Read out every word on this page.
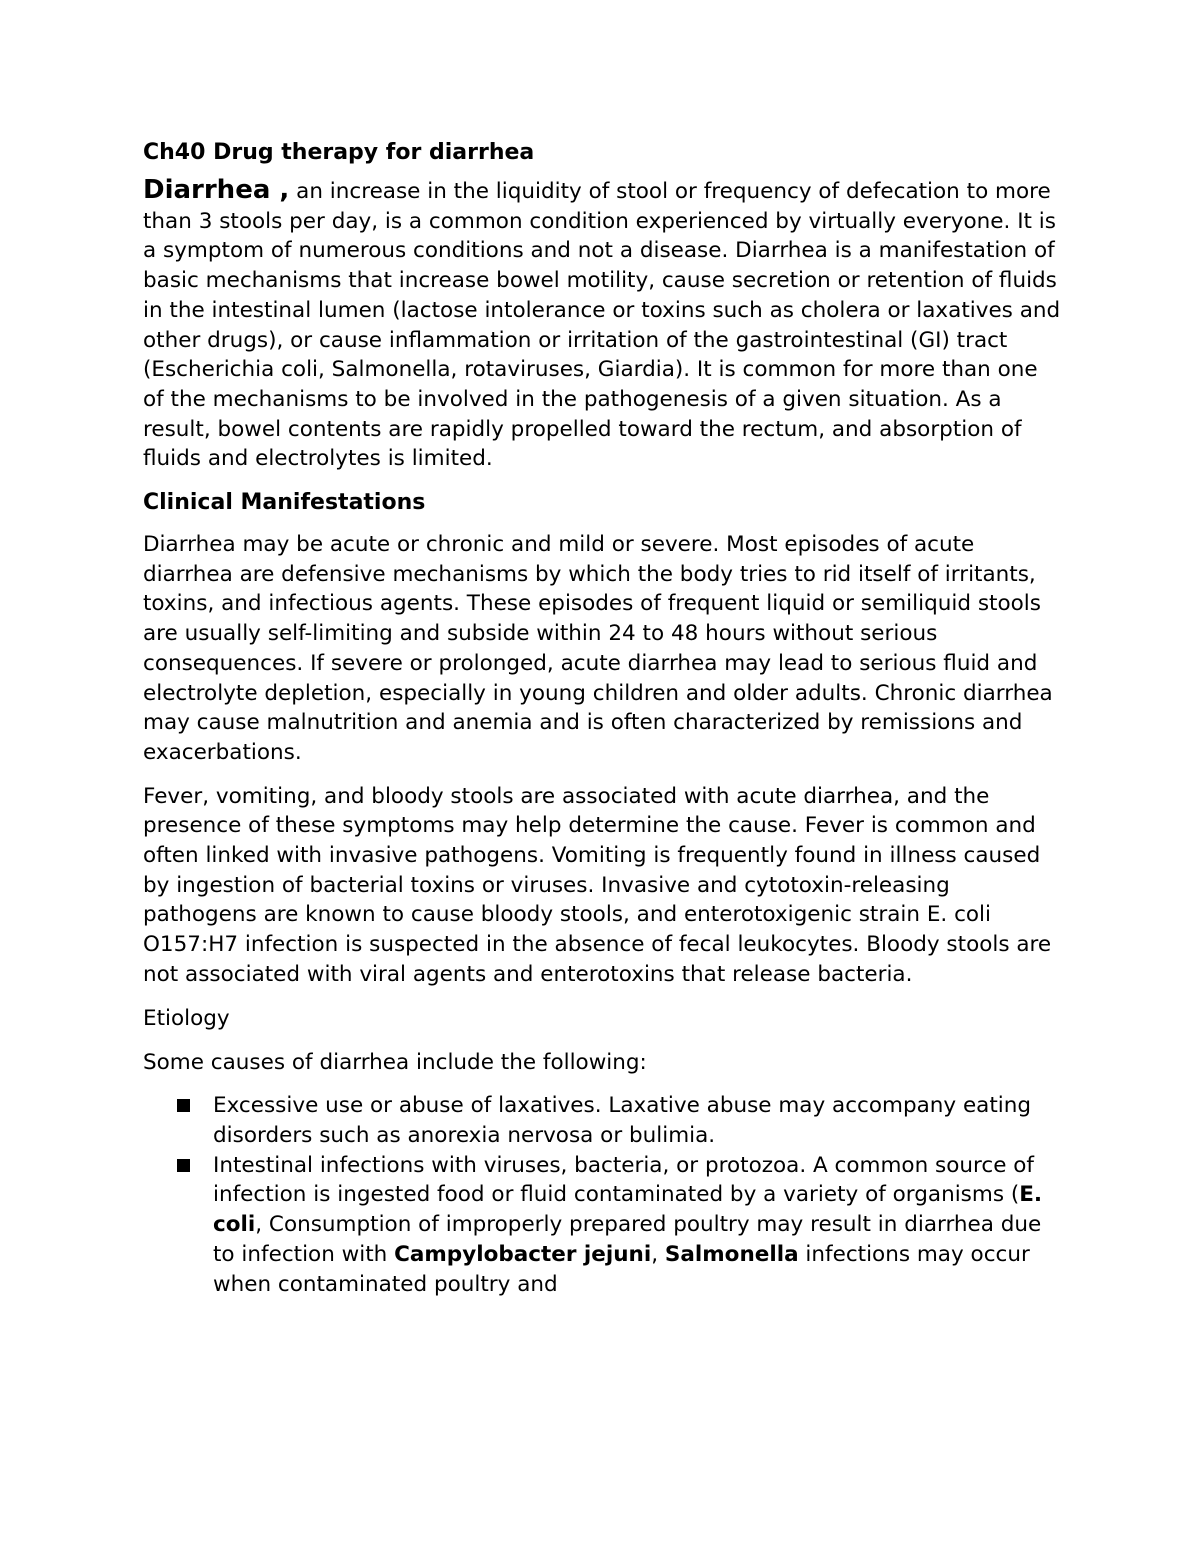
Ch40 Drug therapy for diarrhea

Diarrhea , an increase in the liquidity of stool or frequency of defecation to more than 3 stools per day, is a common condition experienced by virtually everyone. It is a symptom of numerous conditions and not a disease. Diarrhea is a manifestation of basic mechanisms that increase bowel motility, cause secretion or retention of fluids in the intestinal lumen (lactose intolerance or toxins such as cholera or laxatives and other drugs), or cause inflammation or irritation of the gastrointestinal (GI) tract (Escherichia coli, Salmonella, rotaviruses, Giardia). It is common for more than one of the mechanisms to be involved in the pathogenesis of a given situation. As a result, bowel contents are rapidly propelled toward the rectum, and absorption of fluids and electrolytes is limited.

Clinical Manifestations

Diarrhea may be acute or chronic and mild or severe. Most episodes of acute diarrhea are defensive mechanisms by which the body tries to rid itself of irritants, toxins, and infectious agents. These episodes of frequent liquid or semiliquid stools are usually self-limiting and subside within 24 to 48 hours without serious consequences. If severe or prolonged, acute diarrhea may lead to serious fluid and electrolyte depletion, especially in young children and older adults. Chronic diarrhea may cause malnutrition and anemia and is often characterized by remissions and exacerbations.

Fever, vomiting, and bloody stools are associated with acute diarrhea, and the presence of these symptoms may help determine the cause. Fever is common and often linked with invasive pathogens. Vomiting is frequently found in illness caused by ingestion of bacterial toxins or viruses. Invasive and cytotoxin-releasing pathogens are known to cause bloody stools, and enterotoxigenic strain E. coli O157:H7 infection is suspected in the absence of fecal leukocytes. Bloody stools are not associated with viral agents and enterotoxins that release bacteria.

Etiology

Some causes of diarrhea include the following:

Excessive use or abuse of laxatives. Laxative abuse may accompany eating disorders such as anorexia nervosa or bulimia.
Intestinal infections with viruses, bacteria, or protozoa. A common source of infection is ingested food or fluid contaminated by a variety of organisms (E. coli, Consumption of improperly prepared poultry may result in diarrhea due to infection with Campylobacter jejuni, Salmonella infections may occur when contaminated poultry and
